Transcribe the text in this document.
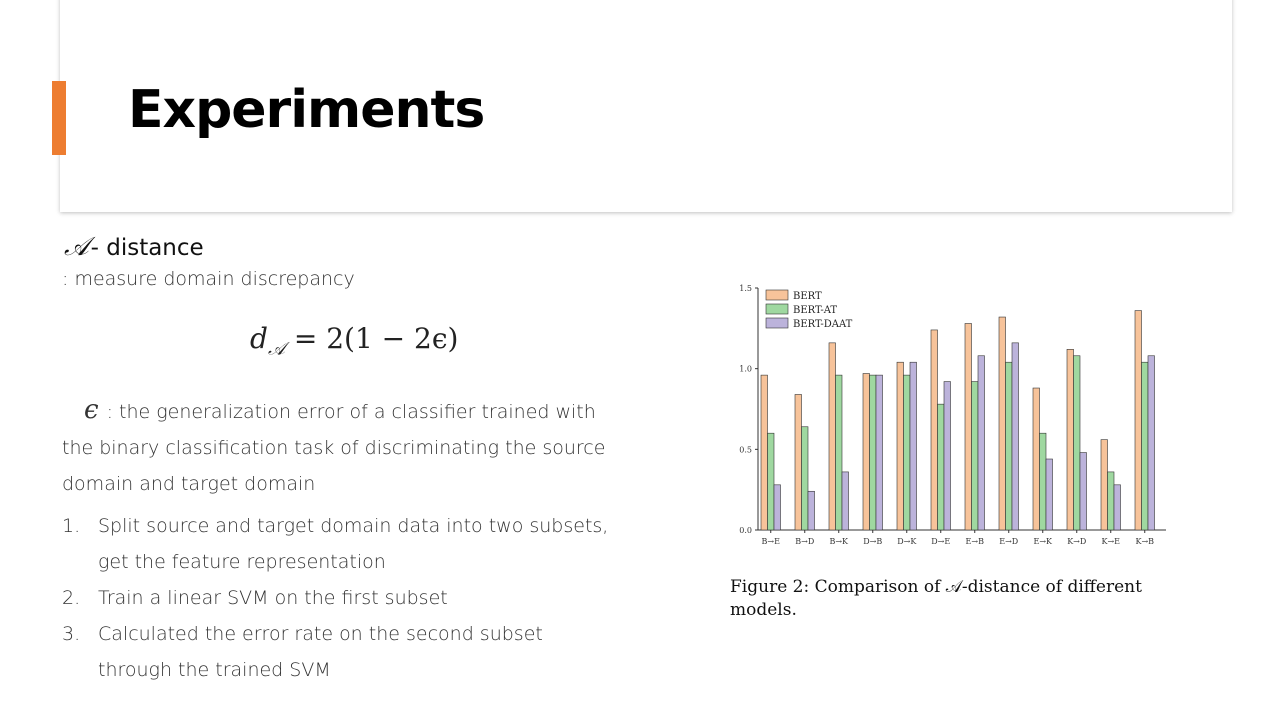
Experiments
𝒜- distance
: measure domain discrepancy
$d_𝒜 = 2(1 - 2\epsilon)$
ϵ : the generalization error of a classifier trained with the binary classification task of discriminating the source domain and target domain
1. Split source and target domain data into two subsets, get the feature representation
2. Train a linear SVM on the first subset
3. Calculated the error rate on the second subset through the trained SVM
0.0
0.5
1.0
1.5
B→E B→D B→K D→B D→K D→E E→B E→D E→K K→D K→E K→B
BERT
BERT-AT
BERT-DAAT
Figure 2: Comparison of 𝒜-distance of different models.
